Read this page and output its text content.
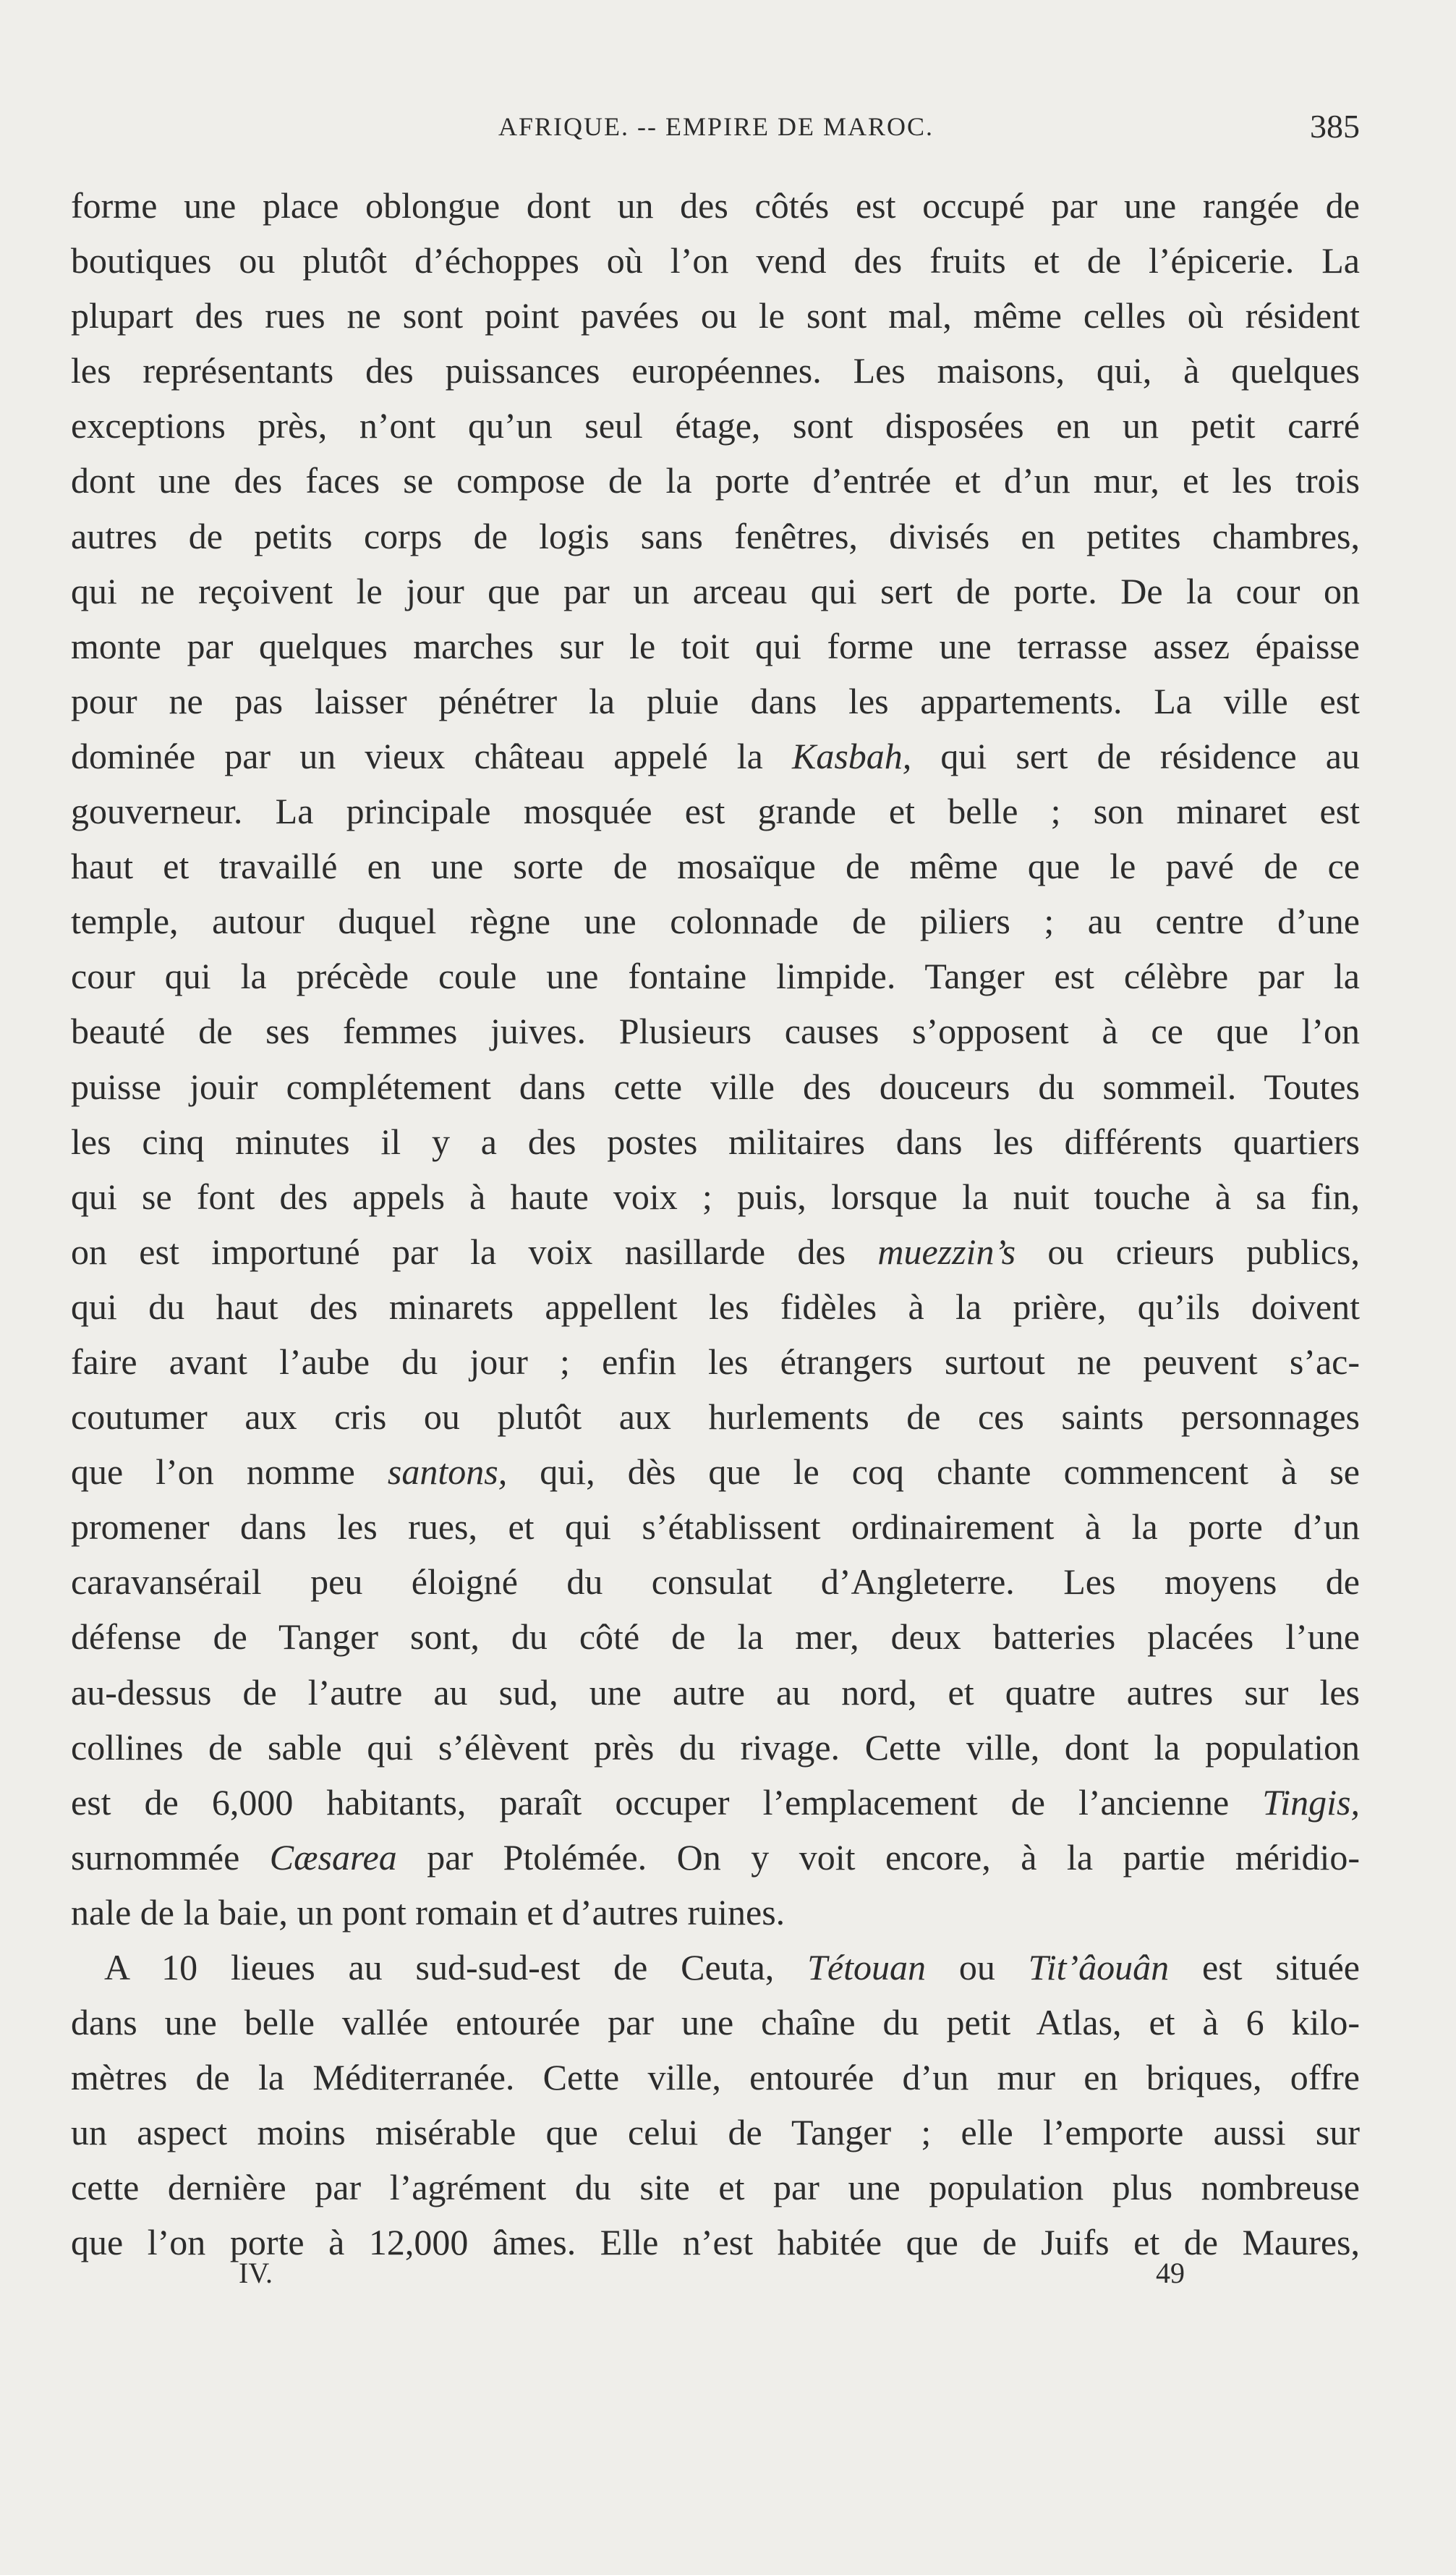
AFRIQUE. -- EMPIRE DE MAROC.	385
forme une place oblongue dont un des côtés est occupé par une rangée de
boutiques ou plutôt d’échoppes où l’on vend des fruits et de l’épicerie. La
plupart des rues ne sont point pavées ou le sont mal, même celles où résident
les représentants des puissances européennes. Les maisons, qui, à quelques
exceptions près, n’ont qu’un seul étage, sont disposées en un petit carré
dont une des faces se compose de la porte d’entrée et d’un mur, et les trois
autres de petits corps de logis sans fenêtres, divisés en petites chambres,
qui ne reçoivent le jour que par un arceau qui sert de porte. De la cour on
monte par quelques marches sur le toit qui forme une terrasse assez épaisse
pour ne pas laisser pénétrer la pluie dans les appartements. La ville est
dominée par un vieux château appelé la Kasbah, qui sert de résidence au
gouverneur. La principale mosquée est grande et belle ; son minaret est
haut et travaillé en une sorte de mosaïque de même que le pavé de ce
temple, autour duquel règne une colonnade de piliers ; au centre d’une
cour qui la précède coule une fontaine limpide. Tanger est célèbre par la
beauté de ses femmes juives. Plusieurs causes s’opposent à ce que l’on
puisse jouir complétement dans cette ville des douceurs du sommeil. Toutes
les cinq minutes il y a des postes militaires dans les différents quartiers
qui se font des appels à haute voix ; puis, lorsque la nuit touche à sa fin,
on est importuné par la voix nasillarde des muezzin’s ou crieurs publics,
qui du haut des minarets appellent les fidèles à la prière, qu’ils doivent
faire avant l’aube du jour ; enfin les étrangers surtout ne peuvent s’ac-
coutumer aux cris ou plutôt aux hurlements de ces saints personnages
que l’on nomme santons, qui, dès que le coq chante commencent à se
promener dans les rues, et qui s’établissent ordinairement à la porte d’un
caravansérail peu éloigné du consulat d’Angleterre. Les moyens de
défense de Tanger sont, du côté de la mer, deux batteries placées l’une
au-dessus de l’autre au sud, une autre au nord, et quatre autres sur les
collines de sable qui s’élèvent près du rivage. Cette ville, dont la population
est de 6,000 habitants, paraît occuper l’emplacement de l’ancienne Tingis,
surnommée Cæsarea par Ptolémée. On y voit encore, à la partie méridio-
nale de la baie, un pont romain et d’autres ruines.
A 10 lieues au sud-sud-est de Ceuta, Tétouan ou Tit’âouân est située
dans une belle vallée entourée par une chaîne du petit Atlas, et à 6 kilo-
mètres de la Méditerranée. Cette ville, entourée d’un mur en briques, offre
un aspect moins misérable que celui de Tanger ; elle l’emporte aussi sur
cette dernière par l’agrément du site et par une population plus nombreuse
que l’on porte à 12,000 âmes. Elle n’est habitée que de Juifs et de Maures,
IV.	49
